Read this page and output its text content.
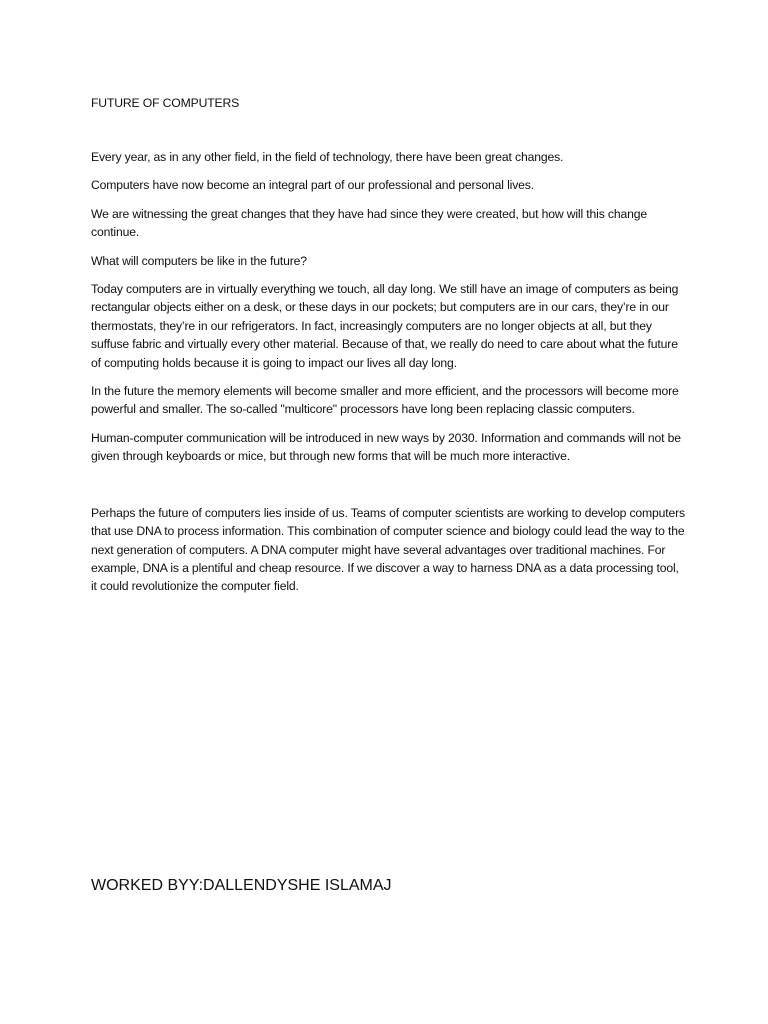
FUTURE OF COMPUTERS

Every year, as in any other field, in the field of technology, there have been great changes.

Computers have now become an integral part of our professional and personal lives.

We are witnessing the great changes that they have had since they were created, but how will this change continue.

What will computers be like in the future?

Today computers are in virtually everything we touch, all day long. We still have an image of computers as being rectangular objects either on a desk, or these days in our pockets; but computers are in our cars, they’re in our thermostats, they’re in our refrigerators. In fact, increasingly computers are no longer objects at all, but they suffuse fabric and virtually every other material. Because of that, we really do need to care about what the future of computing holds because it is going to impact our lives all day long.

In the future the memory elements will become smaller and more efficient, and the processors will become more powerful and smaller. The so-called "multicore" processors have long been replacing classic computers.

Human-computer communication will be introduced in new ways by 2030. Information and commands will not be given through keyboards or mice, but through new forms that will be much more interactive.

Perhaps the future of computers lies inside of us. Teams of computer scientists are working to develop computers that use DNA to process information. This combination of computer science and biology could lead the way to the next generation of computers. A DNA computer might have several advantages over traditional machines. For example, DNA is a plentiful and cheap resource. If we discover a way to harness DNA as a data processing tool, it could revolutionize the computer field.

WORKED BYY:DALLENDYSHE ISLAMAJ
